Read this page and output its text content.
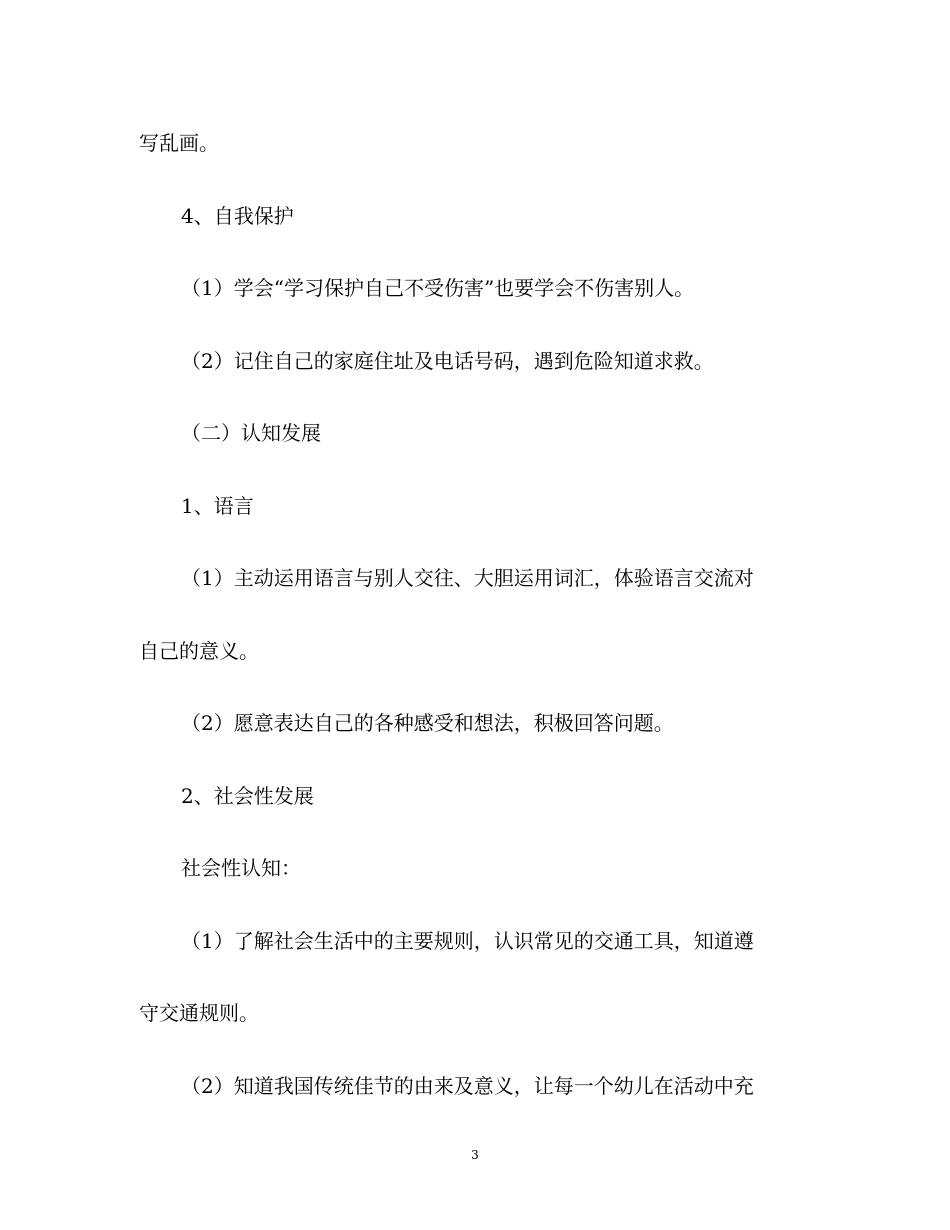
写乱画。
4、自我保护
（1）学会“学习保护自己不受伤害”也要学会不伤害别人。
（2）记住自己的家庭住址及电话号码，遇到危险知道求救。
（二）认知发展
1、语言
（1）主动运用语言与别人交往、大胆运用词汇，体验语言交流对
自己的意义。
（2）愿意表达自己的各种感受和想法，积极回答问题。
2、社会性发展
社会性认知：
（1）了解社会生活中的主要规则，认识常见的交通工具，知道遵
守交通规则。
（2）知道我国传统佳节的由来及意义，让每一个幼儿在活动中充
3
